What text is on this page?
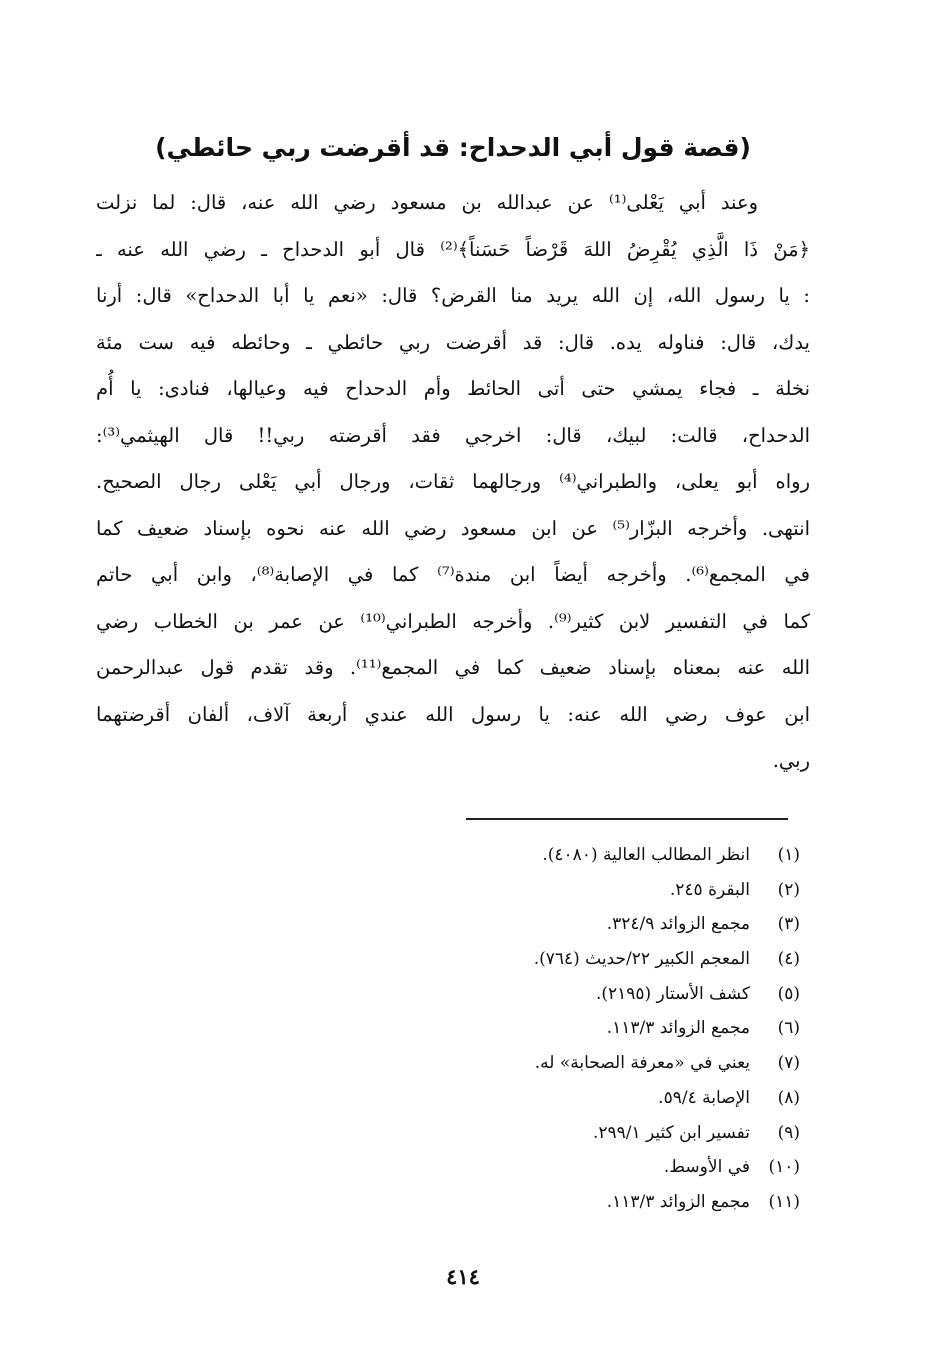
(قصة قول أبي الدحداح: قد أقرضت ربي حائطي)
وعند أبي يَعْلى⁽¹⁾ عن عبدالله بن مسعود رضي الله عنه، قال: لما نزلت
﴿مَنْ ذَا الَّذِي يُقْرِضُ اللهَ قَرْضاً حَسَناً﴾⁽²⁾ قال أبو الدحداح ـ رضي الله عنه ـ
: يا رسول الله، إن الله يريد منا القرض؟ قال: «نعم يا أبا الدحداح» قال: أرنا
يدك، قال: فناوله يده. قال: قد أقرضت ربي حائطي ـ وحائطه فيه ست مئة
نخلة ـ فجاء يمشي حتى أتى الحائط وأم الدحداح فيه وعيالها، فنادى: يا أُم
الدحداح، قالت: لبيك، قال: اخرجي فقد أقرضته ربي!! قال الهيثمي⁽³⁾:
رواه أبو يعلى، والطبراني⁽⁴⁾ ورجالهما ثقات، ورجال أبي يَعْلى رجال الصحيح.
انتهى. وأخرجه البزّار⁽⁵⁾ عن ابن مسعود رضي الله عنه نحوه بإسناد ضعيف كما
في المجمع⁽⁶⁾. وأخرجه أيضاً ابن مندة⁽⁷⁾ كما في الإصابة⁽⁸⁾، وابن أبي حاتم
كما في التفسير لابن كثير⁽⁹⁾. وأخرجه الطبراني⁽¹⁰⁾ عن عمر بن الخطاب رضي
الله عنه بمعناه بإسناد ضعيف كما في المجمع⁽¹¹⁾. وقد تقدم قول عبدالرحمن
ابن عوف رضي الله عنه: يا رسول الله عندي أربعة آلاف، ألفان أقرضتهما
ربي.
(١)
انظر المطالب العالية (٤٠٨٠).
(٢)
البقرة ٢٤٥.
(٣)
مجمع الزوائد ٣٢٤/٩.
(٤)
المعجم الكبير ٢٢/حديث (٧٦٤).
(٥)
كشف الأستار (٢١٩٥).
(٦)
مجمع الزوائد ١١٣/٣.
(٧)
يعني في «معرفة الصحابة» له.
(٨)
الإصابة ٥٩/٤.
(٩)
تفسير ابن كثير ٢٩٩/١.
(١٠)
في الأوسط.
(١١)
مجمع الزوائد ١١٣/٣.
٤١٤
